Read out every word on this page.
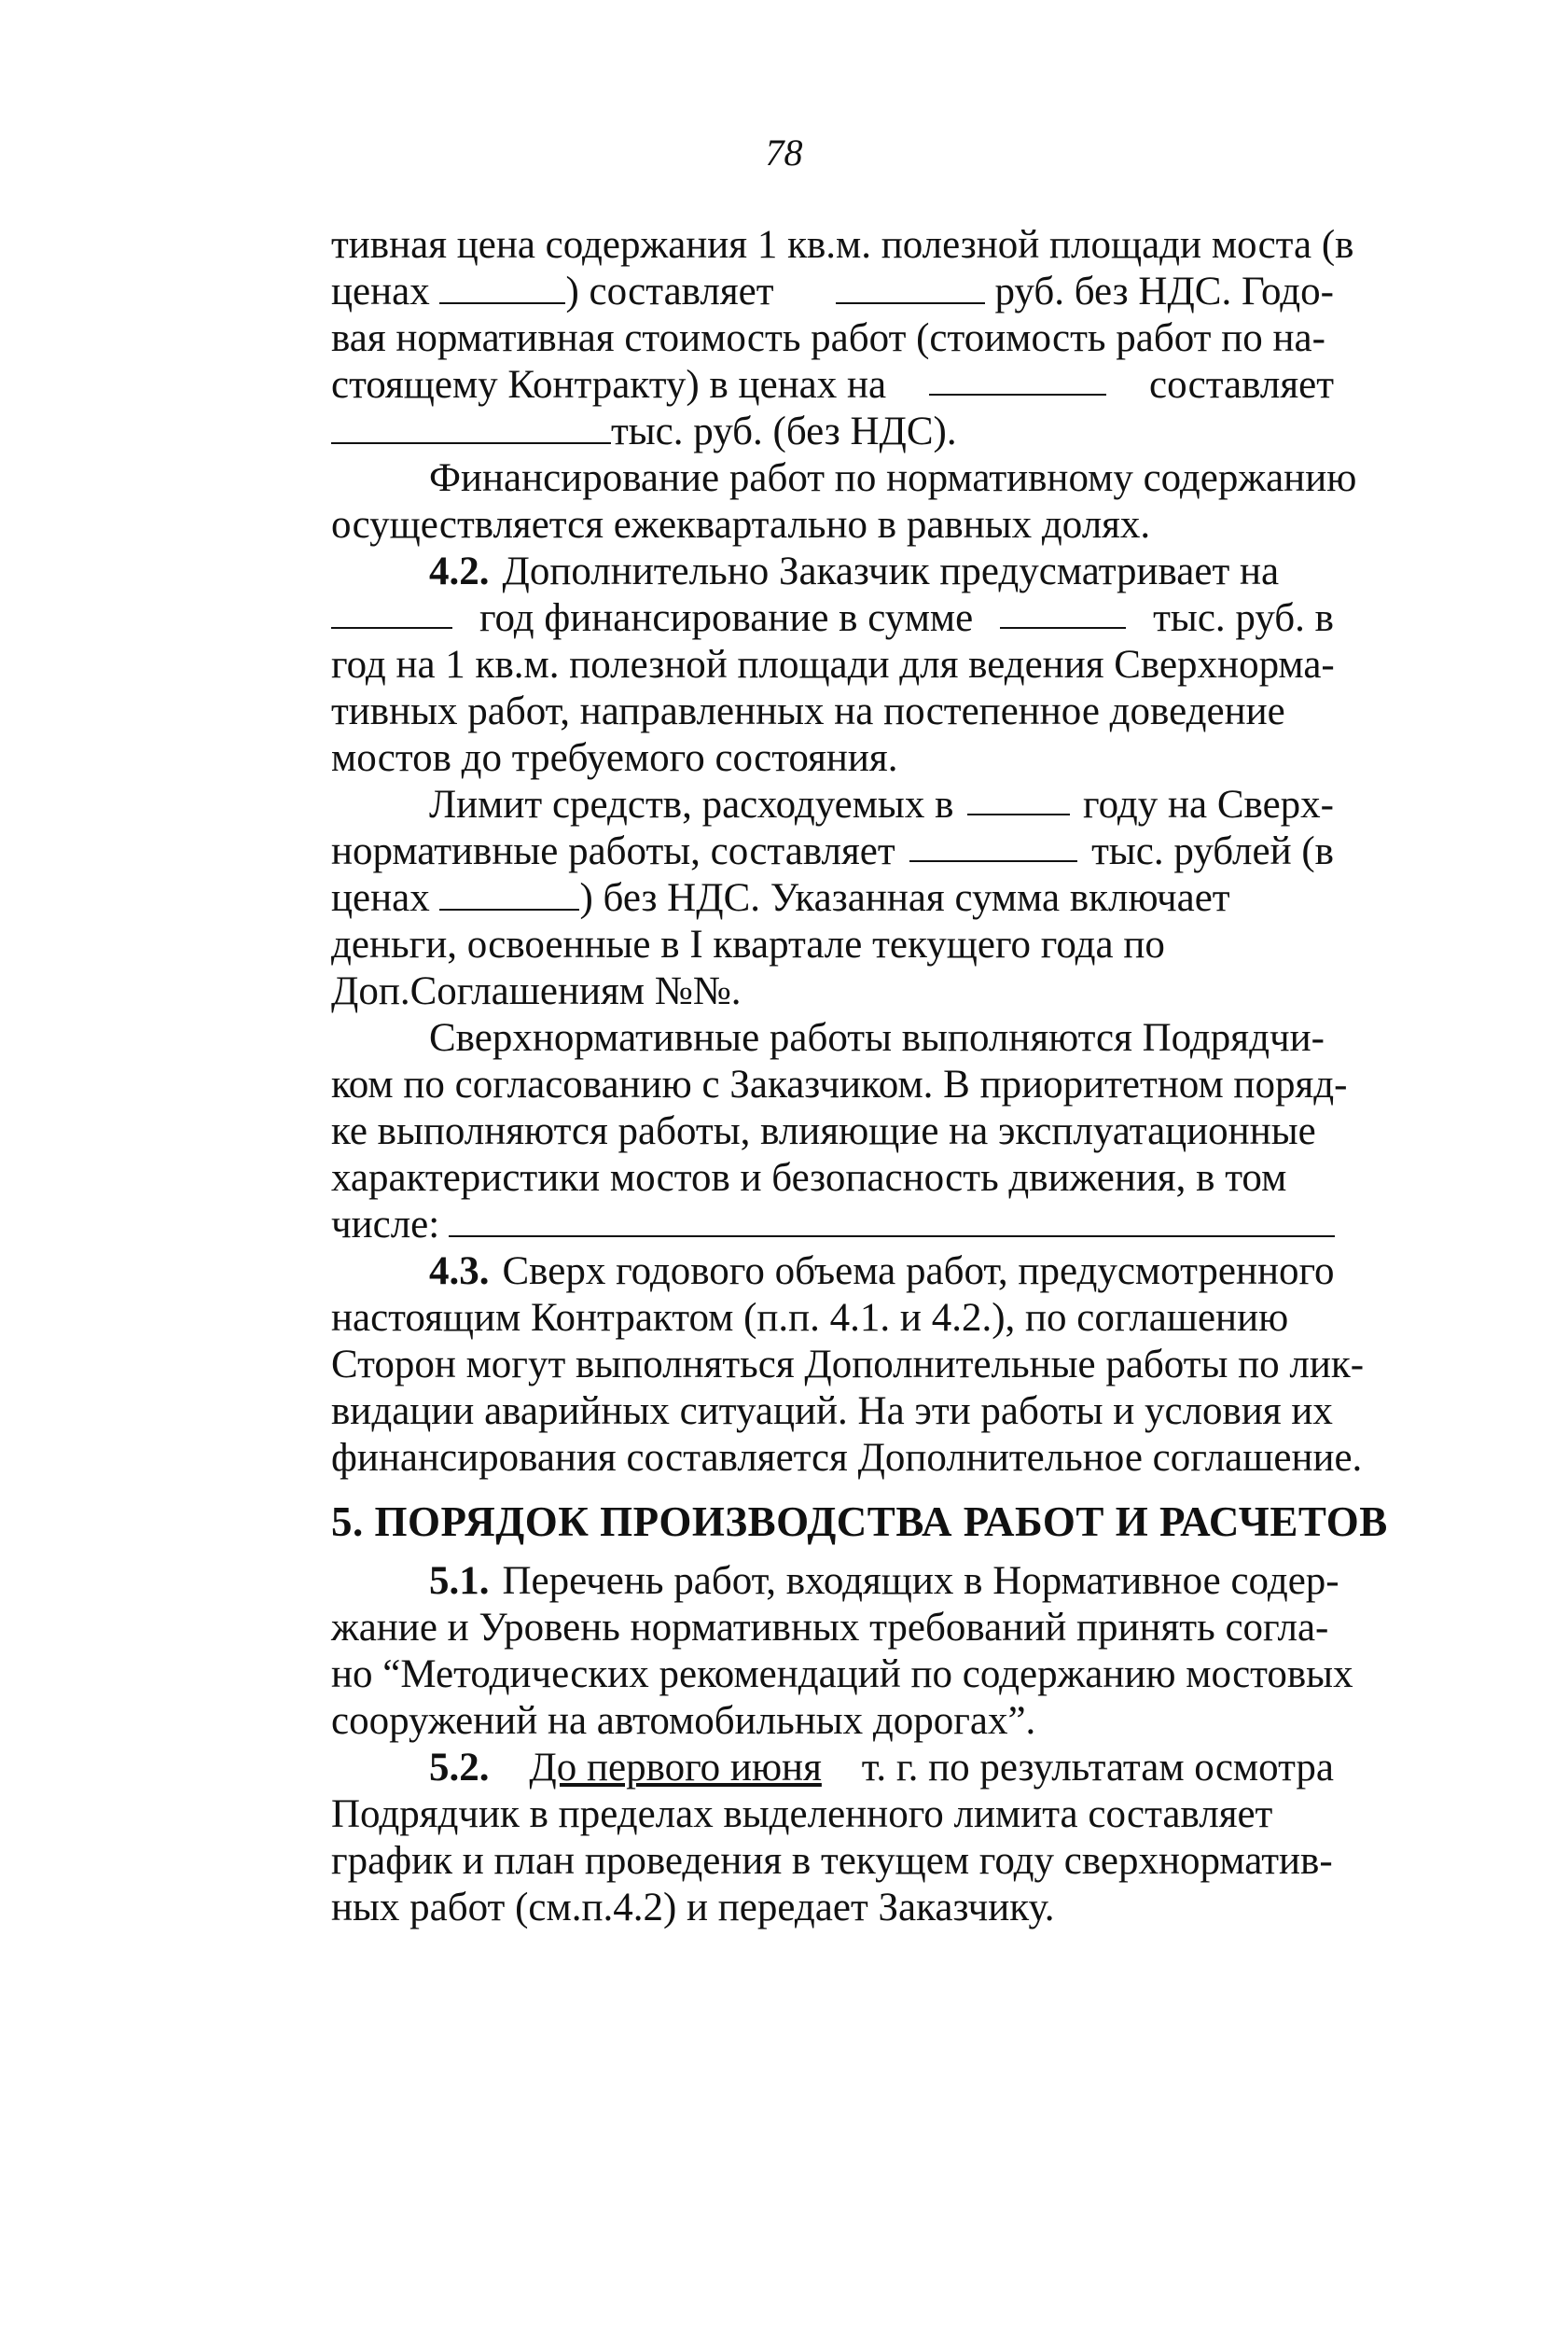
78
тивная цена содержания 1 кв.м. полезной площади моста (в
ценах	) составляет	руб. без НДС. Годо-
вая нормативная стоимость работ (стоимость работ по на-
стоящему Контракту) в ценах на	составляет
тыс. руб. (без НДС).
Финансирование работ по нормативному содержанию
осуществляется ежеквартально в равных долях.
4.2. Дополнительно Заказчик предусматривает на
год финансирование в сумме	тыс. руб. в
год на 1 кв.м. полезной площади для ведения Сверхнорма-
тивных работ, направленных на постепенное доведение
мостов до требуемого состояния.
Лимит средств, расходуемых в	году на Сверх-
нормативные работы, составляет	тыс. рублей (в
ценах	) без НДС. Указанная сумма включает
деньги, освоенные в I квартале текущего года по
Доп.Соглашениям №№.
Сверхнормативные работы выполняются Подрядчи-
ком по согласованию с Заказчиком. В приоритетном поряд-
ке выполняются работы, влияющие на эксплуатационные
характеристики мостов и безопасность движения, в том
числе:
4.3. Сверх годового объема работ, предусмотренного
настоящим Контрактом (п.п. 4.1. и 4.2.), по соглашению
Сторон могут выполняться Дополнительные работы по лик-
видации аварийных ситуаций. На эти работы и условия их
финансирования составляется Дополнительное соглашение.
5. ПОРЯДОК ПРОИЗВОДСТВА РАБОТ И РАСЧЕТОВ
5.1. Перечень работ, входящих в Нормативное содер-
жание и Уровень нормативных требований принять согла-
но “Методических рекомендаций по содержанию мостовых
сооружений на автомобильных дорогах”.
5.2. До первого июня т. г. по результатам осмотра
Подрядчик в пределах выделенного лимита составляет
график и план проведения в текущем году сверхнорматив-
ных работ (см.п.4.2) и передает Заказчику.
